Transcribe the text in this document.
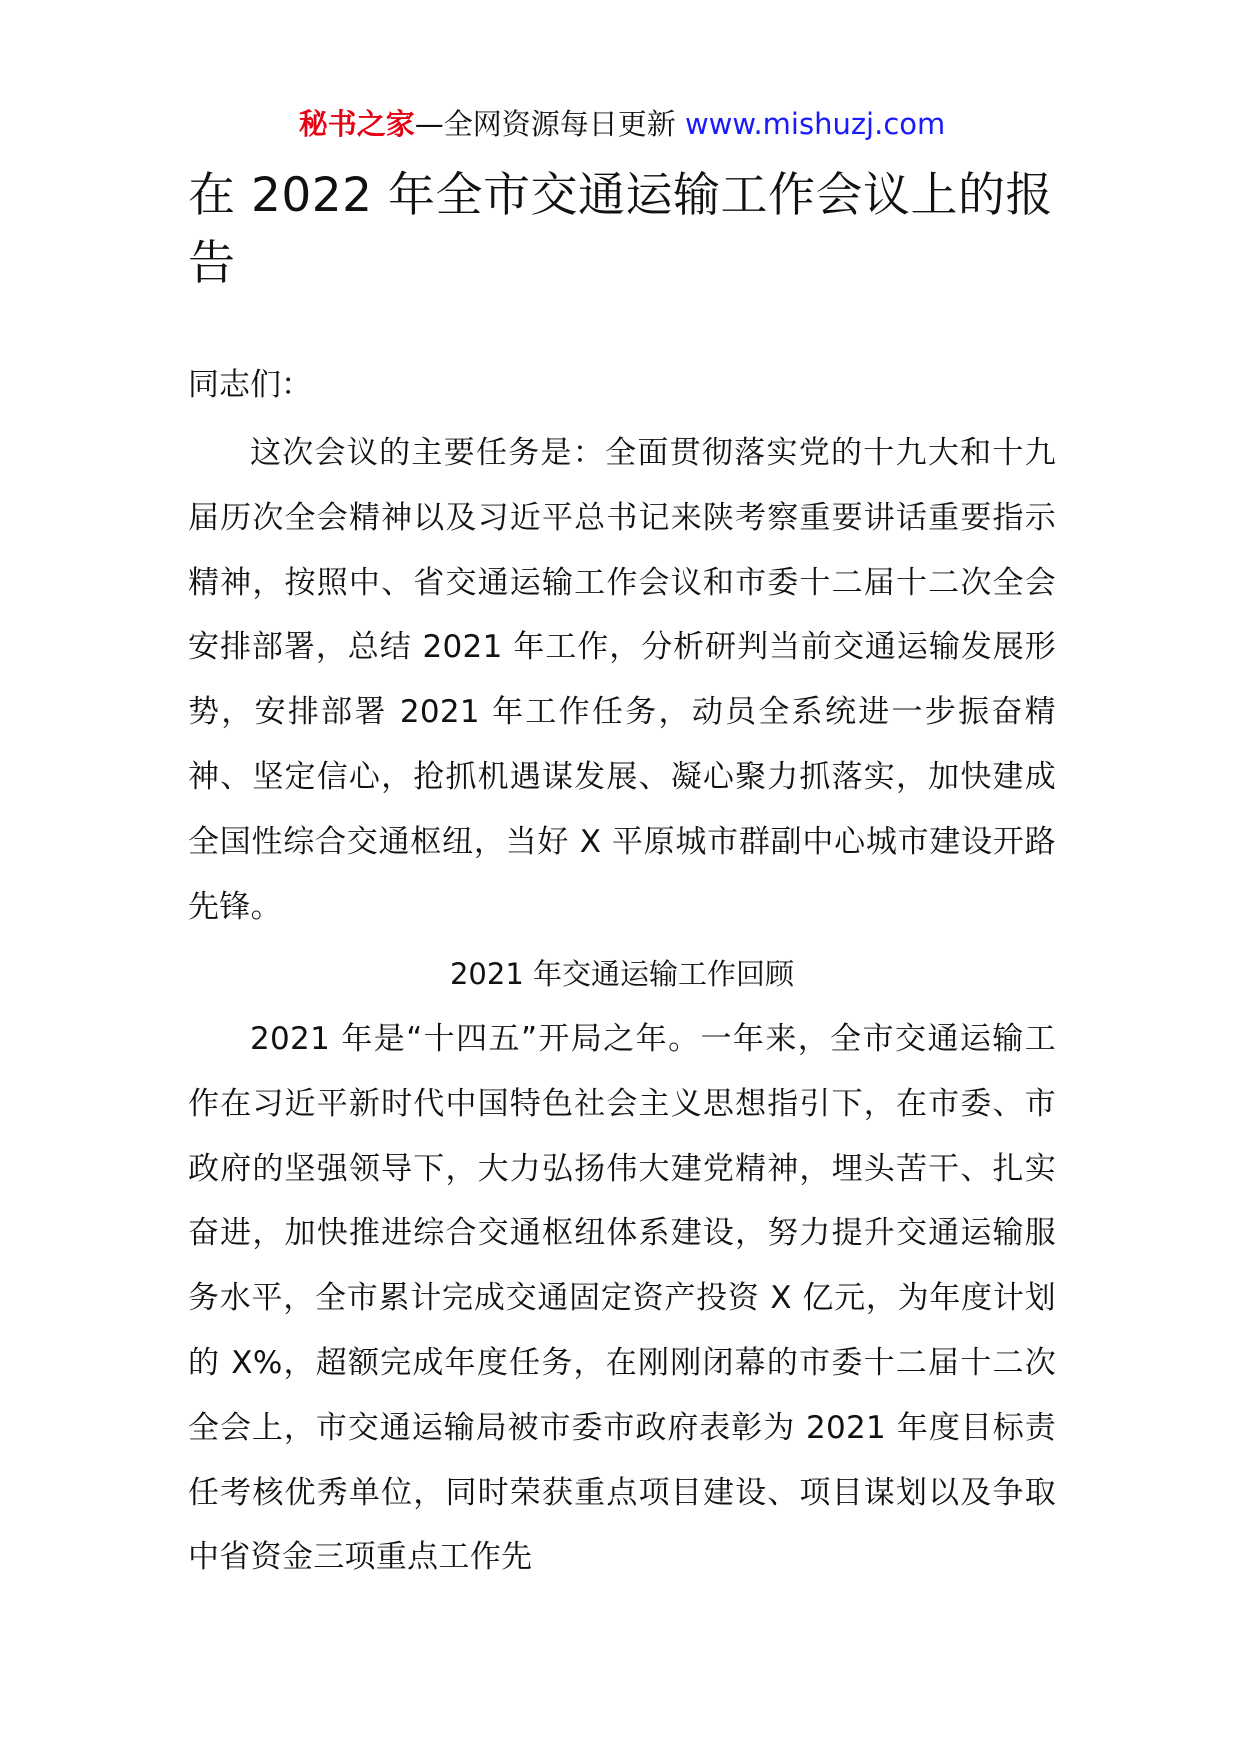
秘书之家—全网资源每日更新 www.mishuzj.com
在 2022 年全市交通运输工作会议上的报告

同志们：

这次会议的主要任务是：全面贯彻落实党的十九大和十九届历次全会精神以及习近平总书记来陕考察重要讲话重要指示精神，按照中、省交通运输工作会议和市委十二届十二次全会安排部署，总结 2021 年工作，分析研判当前交通运输发展形势，安排部署 2021 年工作任务，动员全系统进一步振奋精神、坚定信心，抢抓机遇谋发展、凝心聚力抓落实，加快建成全国性综合交通枢纽，当好 X 平原城市群副中心城市建设开路先锋。

2021 年交通运输工作回顾

2021 年是“十四五”开局之年。一年来，全市交通运输工作在习近平新时代中国特色社会主义思想指引下，在市委、市政府的坚强领导下，大力弘扬伟大建党精神，埋头苦干、扎实奋进，加快推进综合交通枢纽体系建设，努力提升交通运输服务水平，全市累计完成交通固定资产投资 X 亿元，为年度计划的 X%，超额完成年度任务，在刚刚闭幕的市委十二届十二次全会上，市交通运输局被市委市政府表彰为 2021 年度目标责任考核优秀单位，同时荣获重点项目建设、项目谋划以及争取中省资金三项重点工作先
